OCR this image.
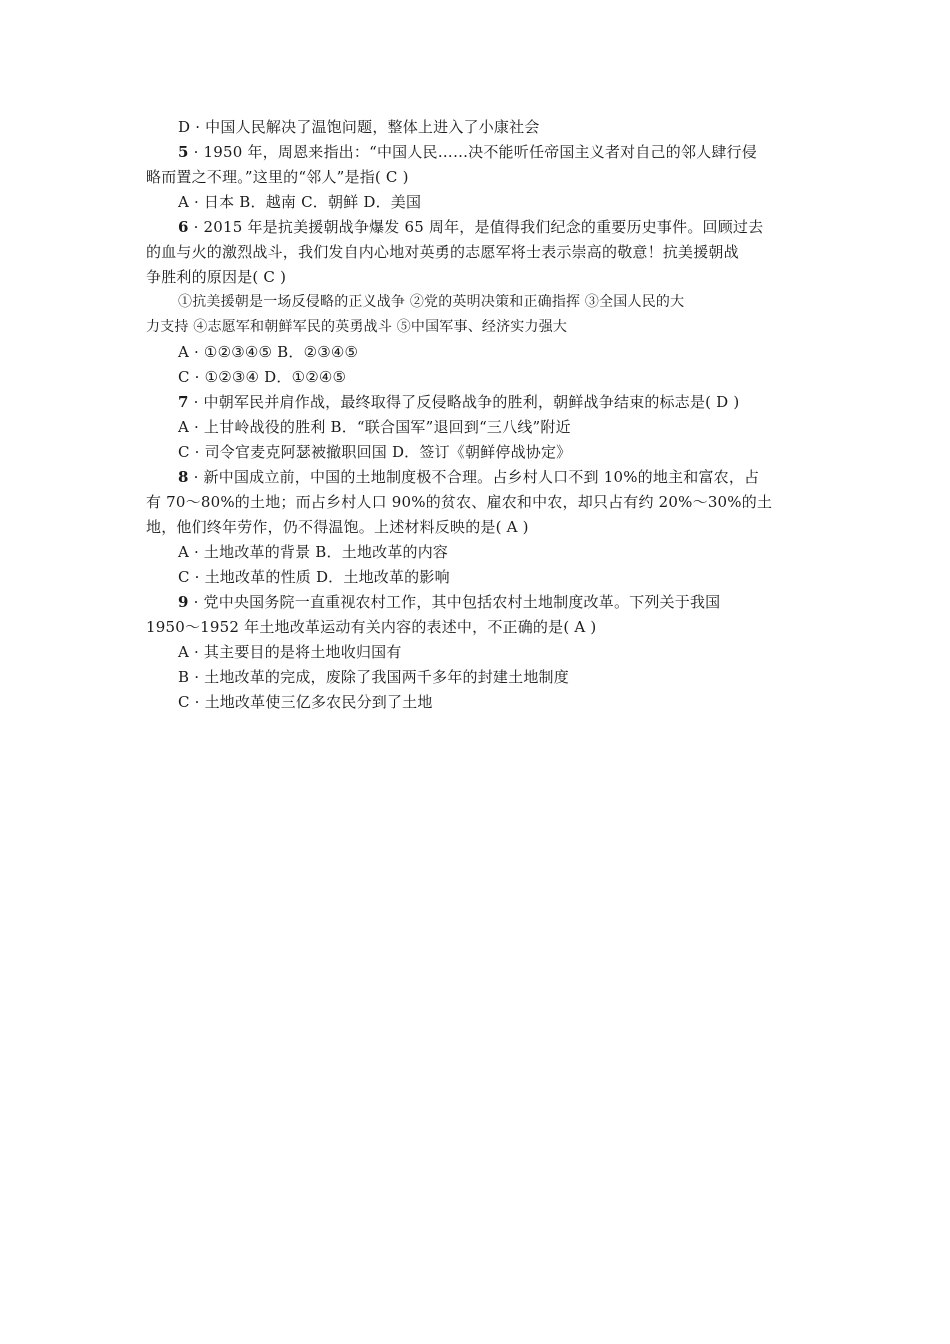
D · 中国人民解决了温饱问题，整体上进入了小康社会
5 · 1950 年，周恩来指出：“中国人民……决不能听任帝国主义者对自己的邻人肆行侵
略而置之不理。”这里的“邻人”是指( C )
A · 日本 B．越南 C．朝鲜 D．美国
6 · 2015 年是抗美援朝战争爆发 65 周年，是值得我们纪念的重要历史事件。回顾过去
的血与火的激烈战斗，我们发自内心地对英勇的志愿军将士表示崇高的敬意！抗美援朝战
争胜利的原因是( C )
①抗美援朝是一场反侵略的正义战争 ②党的英明决策和正确指挥 ③全国人民的大
力支持 ④志愿军和朝鲜军民的英勇战斗 ⑤中国军事、经济实力强大
A · ①②③④⑤ B．②③④⑤
C · ①②③④ D．①②④⑤
7 · 中朝军民并肩作战，最终取得了反侵略战争的胜利，朝鲜战争结束的标志是( D )
A · 上甘岭战役的胜利 B．“联合国军”退回到“三八线”附近
C · 司令官麦克阿瑟被撤职回国 D．签订《朝鲜停战协定》
8 · 新中国成立前，中国的土地制度极不合理。占乡村人口不到 10%的地主和富农，占
有 70～80%的土地；而占乡村人口 90%的贫农、雇农和中农，却只占有约 20%～30%的土
地，他们终年劳作，仍不得温饱。上述材料反映的是( A )
A · 土地改革的背景 B．土地改革的内容
C · 土地改革的性质 D．土地改革的影响
9 · 党中央国务院一直重视农村工作，其中包括农村土地制度改革。下列关于我国
1950～1952 年土地改革运动有关内容的表述中，不正确的是( A )
A · 其主要目的是将土地收归国有
B · 土地改革的完成，废除了我国两千多年的封建土地制度
C · 土地改革使三亿多农民分到了土地
